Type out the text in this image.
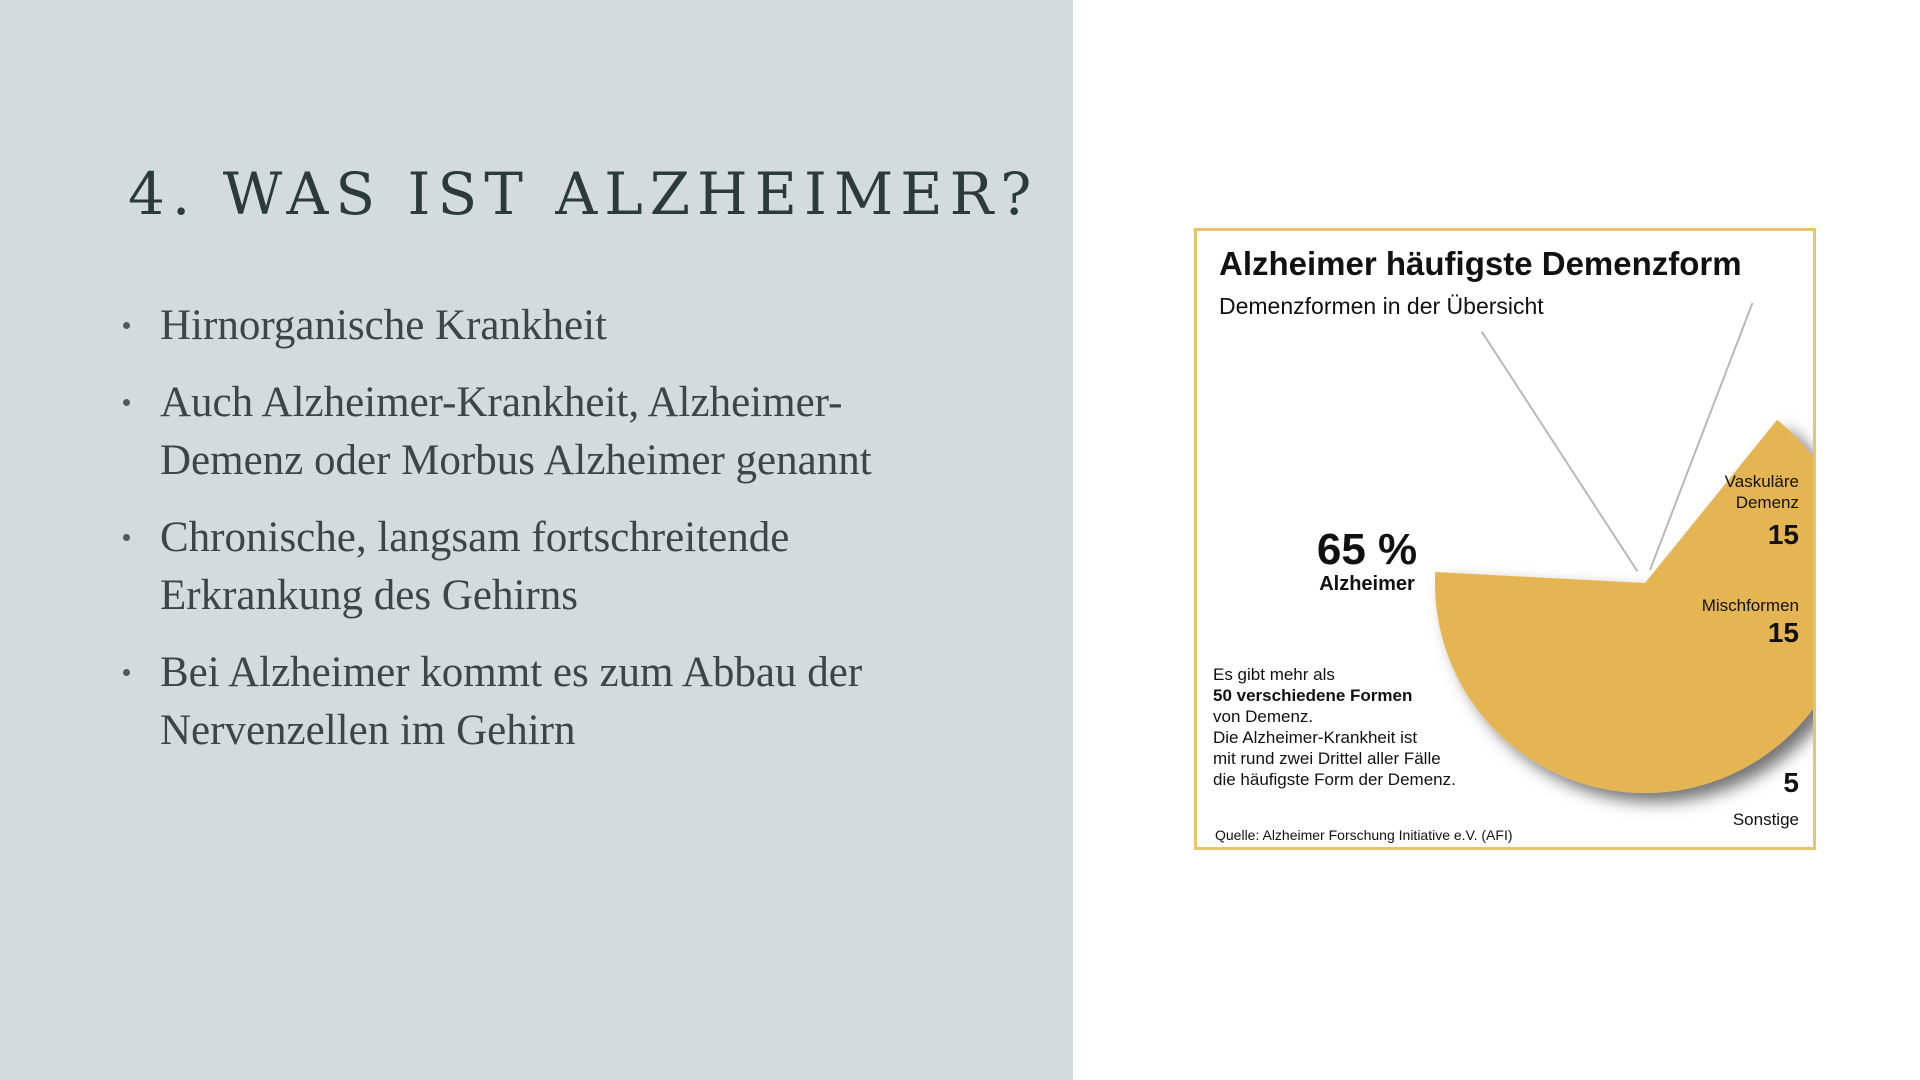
4. WAS IST ALZHEIMER?
Hirnorganische Krankheit
Auch Alzheimer-Krankheit, Alzheimer-Demenz oder Morbus Alzheimer genannt
Chronische, langsam fortschreitende Erkrankung des Gehirns
Bei Alzheimer kommt es zum Abbau der Nervenzellen im Gehirn
Alzheimer häufigste Demenzform
Demenzformen in der Übersicht
65 %
Alzheimer
Vaskuläre
Demenz
15
Mischformen
15
5
Sonstige
Es gibt mehr als
50 verschiedene Formen
von Demenz.
Die Alzheimer-Krankheit ist
mit rund zwei Drittel aller Fälle
die häufigste Form der Demenz.
Quelle: Alzheimer Forschung Initiative e.V. (AFI)
